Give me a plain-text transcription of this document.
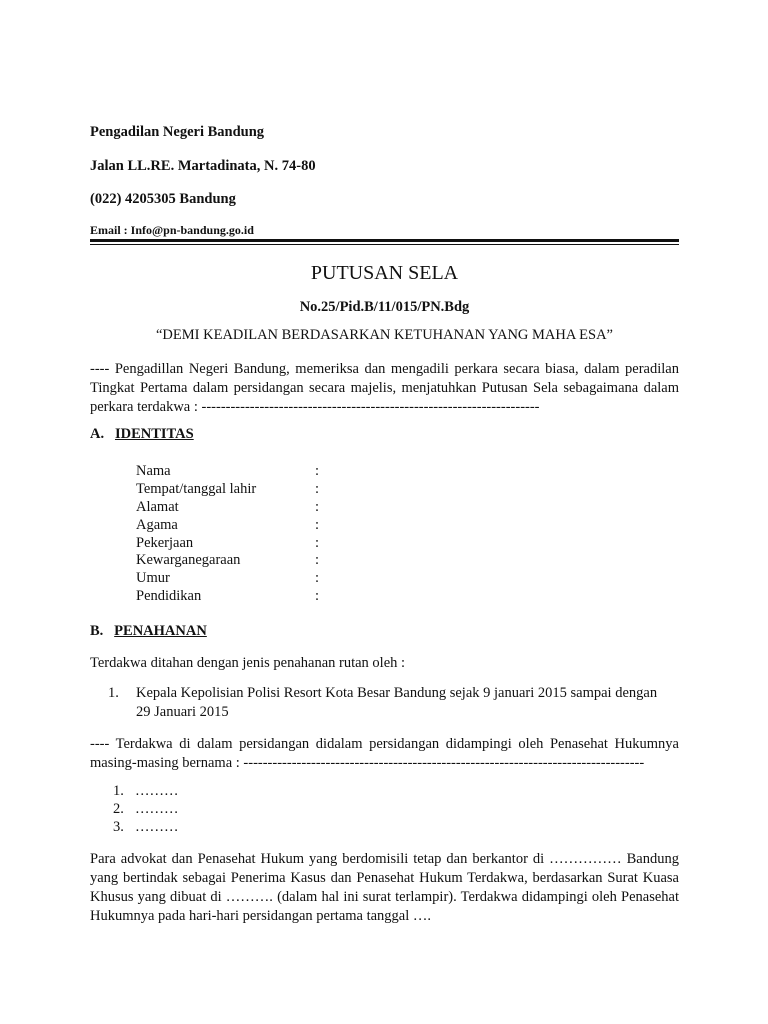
Pengadilan Negeri Bandung
Jalan LL.RE. Martadinata, N. 74-80
(022) 4205305 Bandung
Email : Info@pn-bandung.go.id
PUTUSAN SELA
No.25/Pid.B/11/015/PN.Bdg
“DEMI KEADILAN BERDASARKAN KETUHANAN YANG MAHA ESA”
---- Pengadillan Negeri Bandung, memeriksa dan mengadili perkara secara biasa, dalam peradilan Tingkat Pertama dalam persidangan secara majelis, menjatuhkan Putusan Sela sebagaimana dalam perkara terdakwa : ----------------------------------------------------------------------
A. IDENTITAS
Nama	:
Tempat/tanggal lahir	:
Alamat	:
Agama	:
Pekerjaan	:
Kewarganegaraan	:
Umur	:
Pendidikan	:
B. PENAHANAN
Terdakwa ditahan dengan jenis penahanan rutan oleh :
1. Kepala Kepolisian Polisi Resort Kota Besar Bandung sejak 9 januari 2015 sampai dengan
29 Januari 2015
---- Terdakwa di dalam persidangan didalam persidangan didampingi oleh Penasehat Hukumnya masing-masing bernama : -----------------------------------------------------------------------------------
1. ………
2. ………
3. ………
Para advokat dan Penasehat Hukum yang berdomisili tetap dan berkantor di …………… Bandung yang bertindak sebagai Penerima Kasus dan Penasehat Hukum Terdakwa, berdasarkan Surat Kuasa Khusus yang dibuat di ………. (dalam hal ini surat terlampir). Terdakwa didampingi oleh Penasehat Hukumnya pada hari-hari persidangan pertama tanggal ….
